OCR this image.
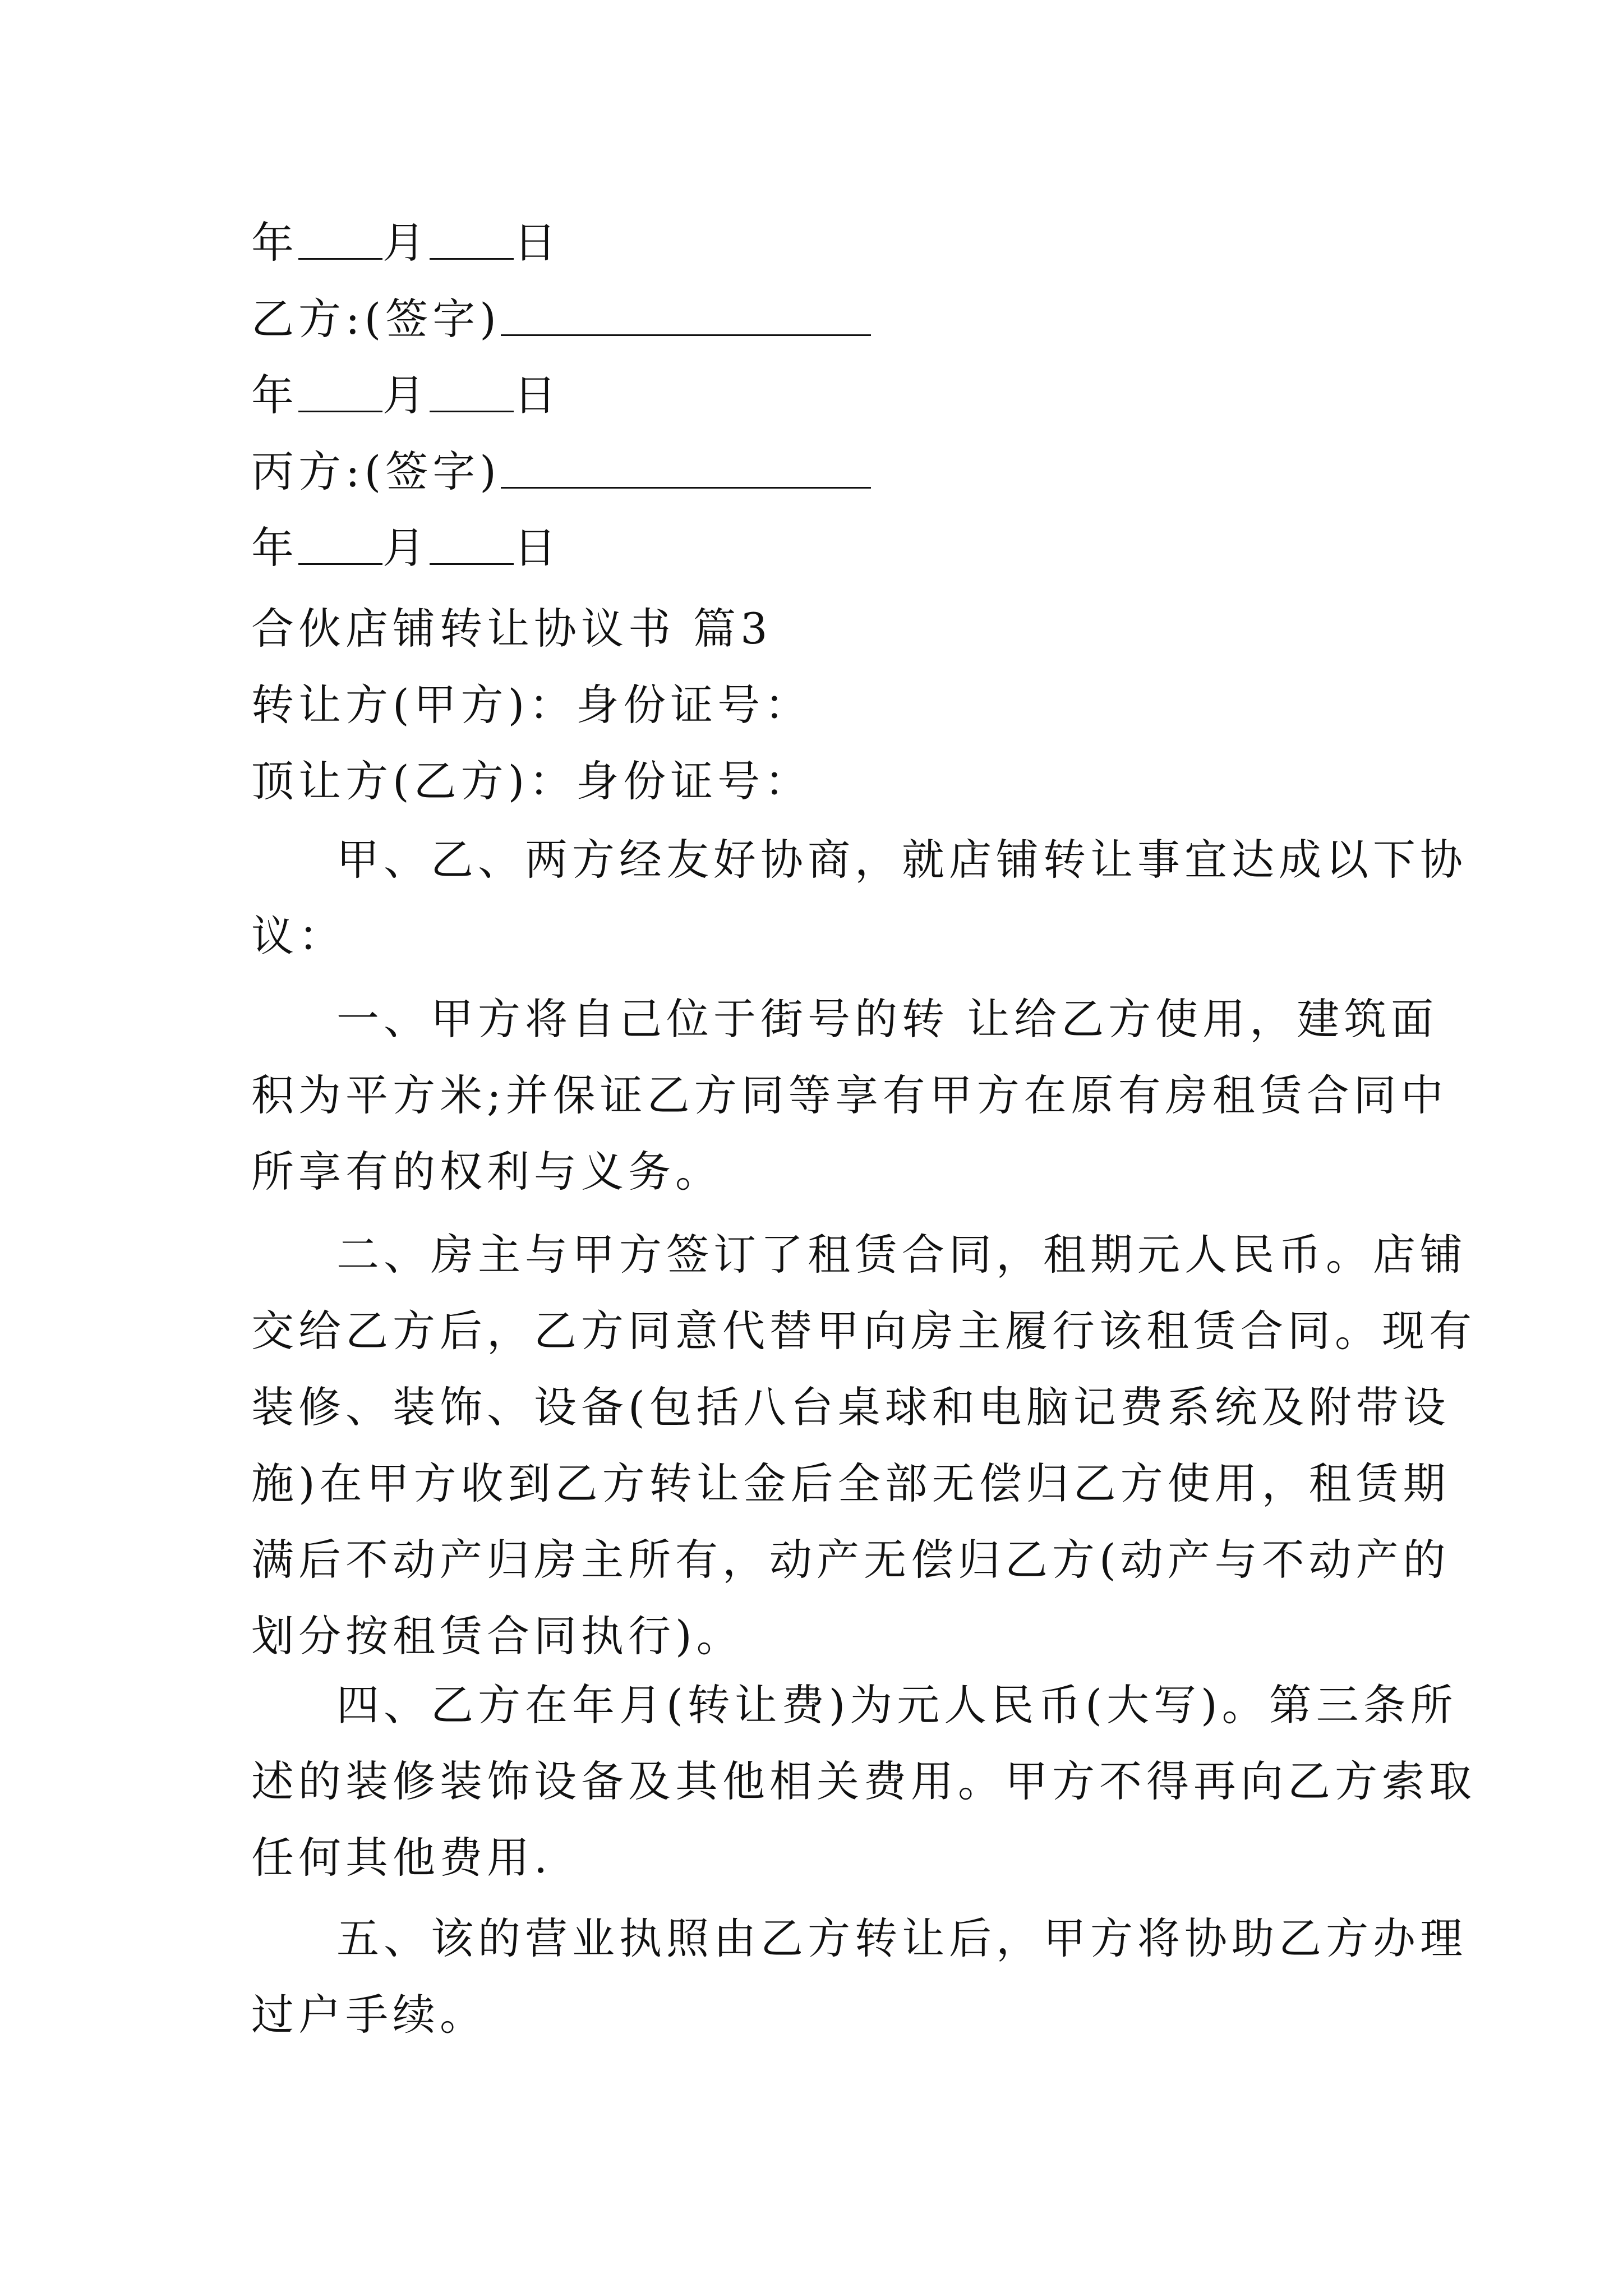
年 月 日
乙方:(签字)
年 月 日
丙方:(签字)
年 月 日
合伙店铺转让协议书 篇3
转让方(甲方)：身份证号：
顶让方(乙方)：身份证号：
甲、乙、两方经友好协商，就店铺转让事宜达成以下协
议：
一、甲方将自己位于街号的转 让给乙方使用，建筑面
积为平方米;并保证乙方同等享有甲方在原有房租赁合同中
所享有的权利与义务。
二、房主与甲方签订了租赁合同，租期元人民币。店铺
交给乙方后，乙方同意代替甲向房主履行该租赁合同。现有
装修、装饰、设备(包括八台桌球和电脑记费系统及附带设
施)在甲方收到乙方转让金后全部无偿归乙方使用，租赁期
满后不动产归房主所有，动产无偿归乙方(动产与不动产的
划分按租赁合同执行)。
四、乙方在年月(转让费)为元人民币(大写)。第三条所
述的装修装饰设备及其他相关费用。甲方不得再向乙方索取
任何其他费用.
五、该的营业执照由乙方转让后，甲方将协助乙方办理
过户手续。
